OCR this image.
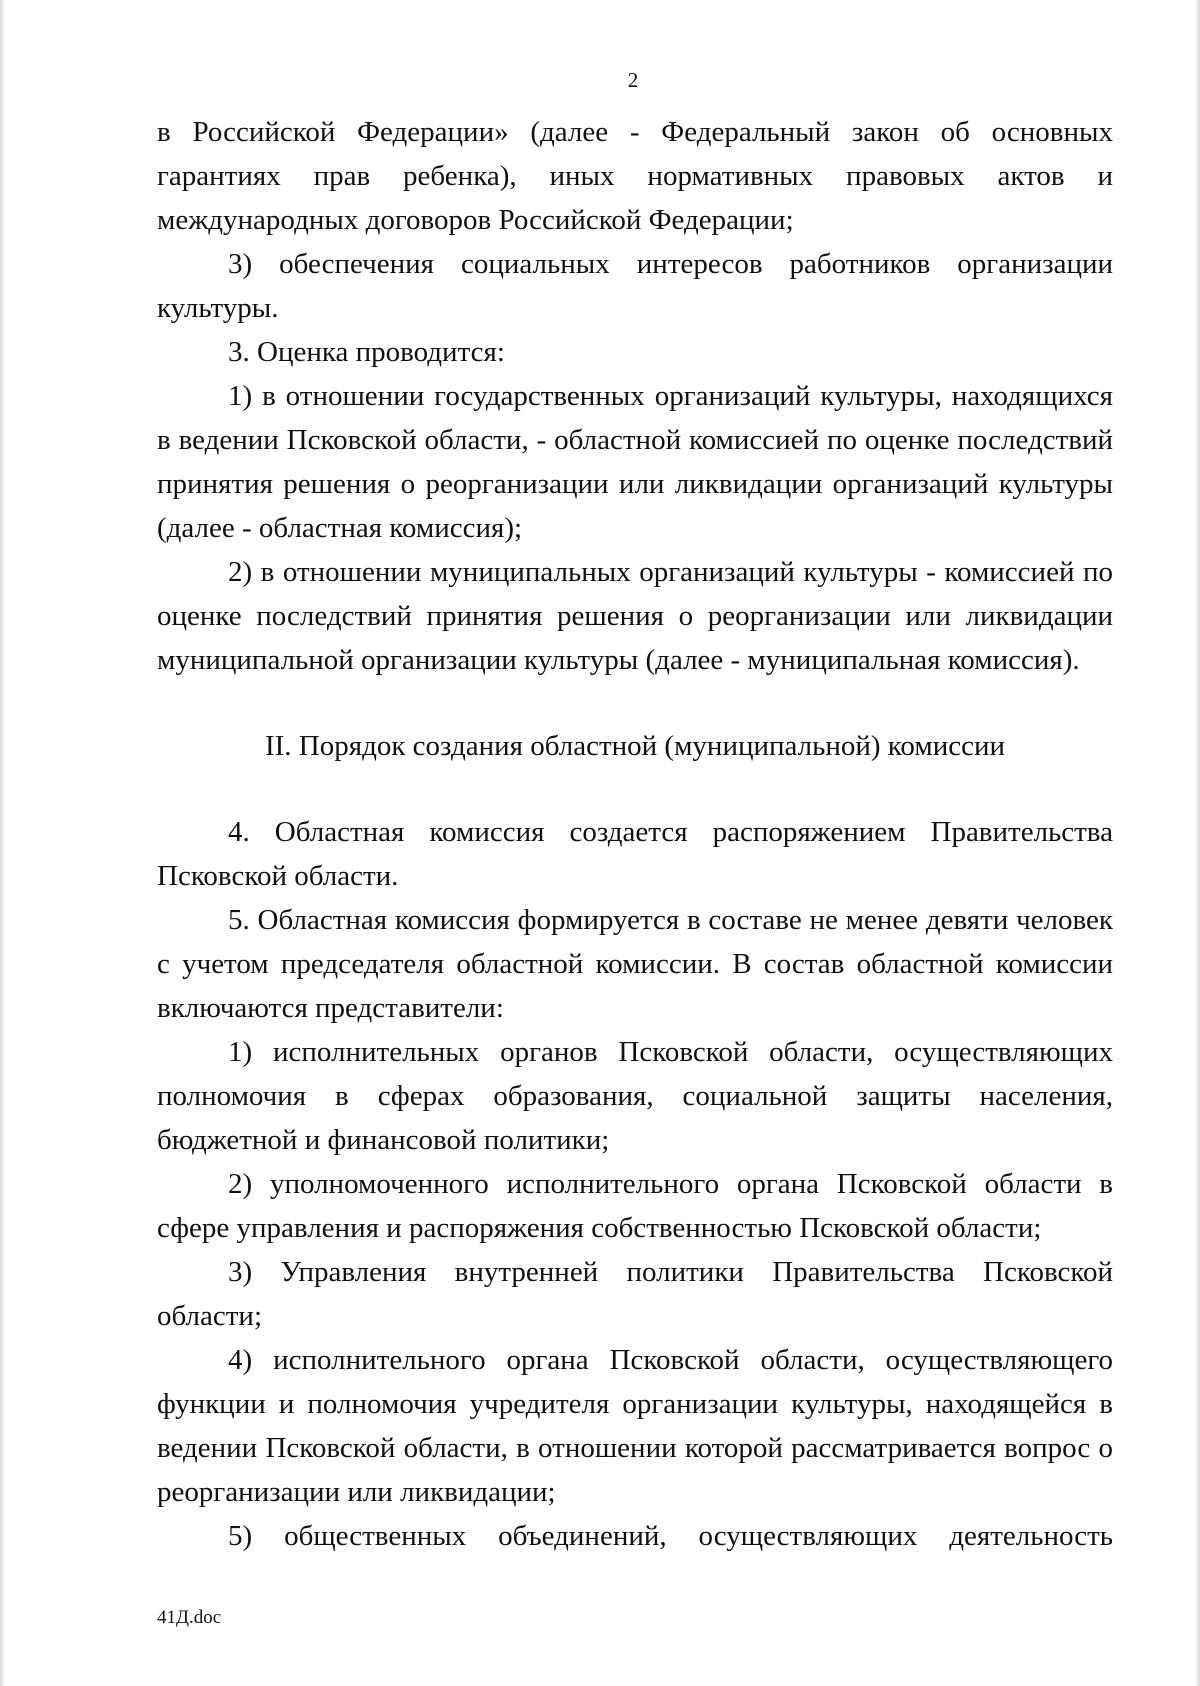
2

в Российской Федерации» (далее - Федеральный закон об основных гарантиях прав ребенка), иных нормативных правовых актов и международных договоров Российской Федерации;

3) обеспечения социальных интересов работников организации культуры.

3. Оценка проводится:

1) в отношении государственных организаций культуры, находящихся в ведении Псковской области, - областной комиссией по оценке последствий принятия решения о реорганизации или ликвидации организаций культуры (далее - областная комиссия);

2) в отношении муниципальных организаций культуры - комиссией по оценке последствий принятия решения о реорганизации или ликвидации муниципальной организации культуры (далее - муниципальная комиссия).

II. Порядок создания областной (муниципальной) комиссии

4. Областная комиссия создается распоряжением Правительства Псковской области.

5. Областная комиссия формируется в составе не менее девяти человек с учетом председателя областной комиссии. В состав областной комиссии включаются представители:

1) исполнительных органов Псковской области, осуществляющих полномочия в сферах образования, социальной защиты населения, бюджетной и финансовой политики;

2) уполномоченного исполнительного органа Псковской области в сфере управления и распоряжения собственностью Псковской области;

3) Управления внутренней политики Правительства Псковской области;

4) исполнительного органа Псковской области, осуществляющего функции и полномочия учредителя организации культуры, находящейся в ведении Псковской области, в отношении которой рассматривается вопрос о реорганизации или ликвидации;

5) общественных объединений, осуществляющих деятельность

41Д.doc
